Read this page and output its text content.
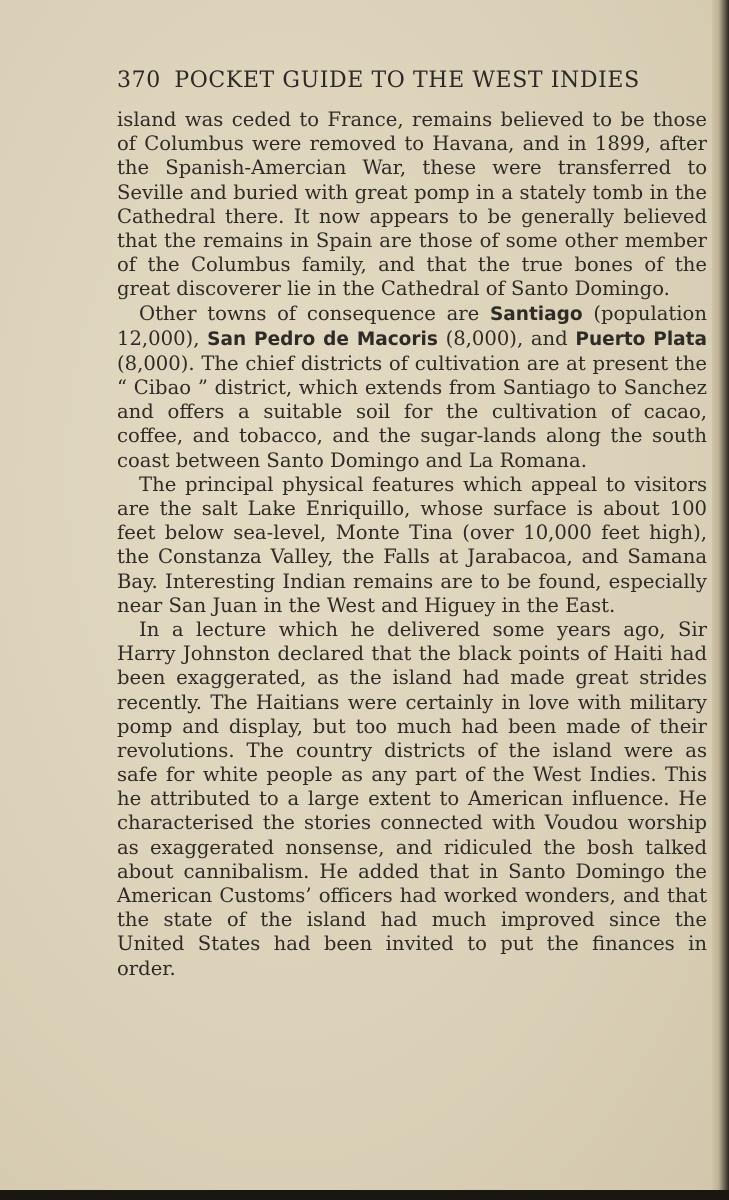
370 POCKET GUIDE TO THE WEST INDIES

island was ceded to France, remains believed to be those of Columbus were removed to Havana, and in 1899, after the Spanish-Amercian War, these were transferred to Seville and buried with great pomp in a stately tomb in the Cathedral there. It now appears to be generally believed that the remains in Spain are those of some other member of the Columbus family, and that the true bones of the great discoverer lie in the Cathedral of Santo Domingo.

Other towns of consequence are Santiago (population 12,000), San Pedro de Macoris (8,000), and Puerto Plata (8,000). The chief districts of cultivation are at present the “ Cibao ” district, which extends from Santiago to Sanchez and offers a suitable soil for the cultivation of cacao, coffee, and tobacco, and the sugar-lands along the south coast between Santo Domingo and La Romana.

The principal physical features which appeal to visitors are the salt Lake Enriquillo, whose surface is about 100 feet below sea-level, Monte Tina (over 10,000 feet high), the Constanza Valley, the Falls at Jarabacoa, and Samana Bay. Interesting Indian remains are to be found, especially near San Juan in the West and Higuey in the East.

In a lecture which he delivered some years ago, Sir Harry Johnston declared that the black points of Haiti had been exaggerated, as the island had made great strides recently. The Haitians were certainly in love with military pomp and display, but too much had been made of their revolutions. The country districts of the island were as safe for white people as any part of the West Indies. This he attributed to a large extent to American influence. He characterised the stories connected with Voudou worship as exaggerated nonsense, and ridiculed the bosh talked about cannibalism. He added that in Santo Domingo the American Customs’ officers had worked wonders, and that the state of the island had much improved since the United States had been invited to put the finances in order.
